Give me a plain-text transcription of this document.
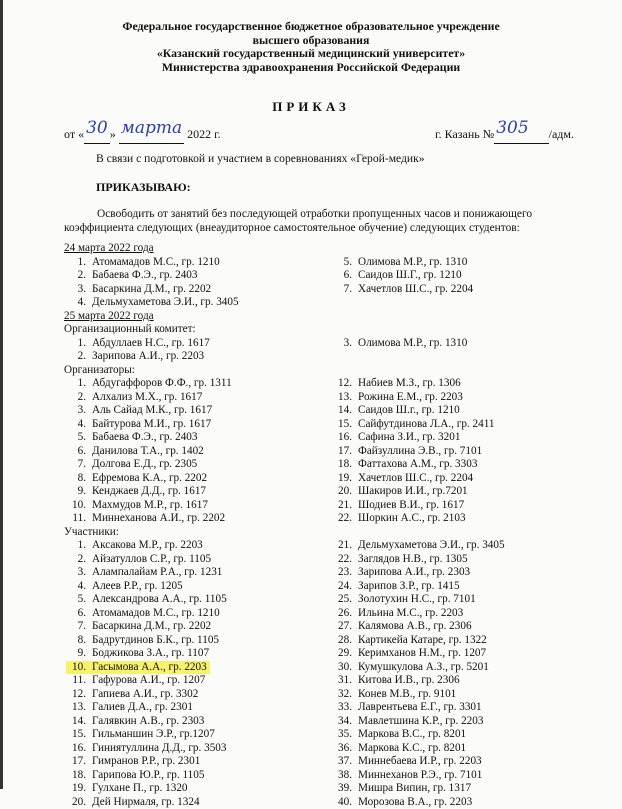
Федеральное государственное бюджетное образовательное учреждение
высшего образования
«Казанский государственный медицинский университет»
Министерства здравоохранения Российской Федерации
ПРИКАЗ
от « 30 » марта 2022 г.	г. Казань № 305 /адм.
В связи с подготовкой и участием в соревнованиях «Герой-медик»
ПРИКАЗЫВАЮ:
Освободить от занятий без последующей отработки пропущенных часов и понижающего коэффициента следующих (внеаудиторное самостоятельное обучение) следующих студентов:
24 марта 2022 года
1. Атомамадов М.С., гр. 1210
2. Бабаева Ф.Э., гр. 2403
3. Басаркина Д.М., гр. 2202
4. Дельмухаметова Э.И., гр. 3405
5. Олимова М.Р., гр. 1310
6. Саидов Ш.Г., гр. 1210
7. Хачетлов Ш.С., гр. 2204
25 марта 2022 года
Организационный комитет:
1. Абдуллаев Н.С., гр. 1617
2. Зарипова А.И., гр. 2203
3. Олимова М.Р., гр. 1310
Организаторы:
1. Абдугаффоров Ф.Ф., гр. 1311
2. Алхализ М.Х., гр. 1617
3. Аль Сайад М.К., гр. 1617
4. Байтурова М.И., гр. 1617
5. Бабаева Ф.Э., гр. 2403
6. Данилова Т.А., гр. 1402
7. Долгова Е.Д., гр. 2305
8. Ефремова К.А., гр. 2202
9. Кенджаев Д.Д., гр. 1617
10. Махмудов М.Р., гр. 1617
11. Миннеханова А.И., гр. 2202
12. Набиев М.З., гр. 1306
13. Рожина Е.М., гр. 2203
14. Саидов Ш.г., гр. 1210
15. Сайфутдинова Л.А., гр. 2411
16. Сафина З.И., гр. 3201
17. Файзуллина Э.В., гр. 7101
18. Фаттахова А.М., гр. 3303
19. Хачетлов Ш.С., гр. 2204
20. Шакиров И.И., гр.7201
21. Шодиев В.И., гр. 1617
22. Шоркин А.С., гр. 2103
Участники:
1. Аксакова М.Р., гр. 2203
2. Айзатуллов С.Р., гр. 1105
3. Алампалайам Р.А., гр. 1231
4. Алеев Р.Р., гр. 1205
5. Александрова А.А., гр. 1105
6. Атомамадов М.С., гр. 1210
7. Басаркина Д.М., гр. 2202
8. Бадрутдинов Б.К., гр. 1105
9. Боджикова З.А., гр. 1107
10. Гасымова А.А., гр. 2203
11. Гафурова А.И., гр. 1207
12. Гапиева А.И., гр. 3302
13. Галиев Д.А., гр. 2301
14. Галявкин А.В., гр. 2303
15. Гильманшин Э.Р., гр.1207
16. Гиниятуллина Д.Д., гр. 3503
17. Гимранов Р.Р., гр. 2301
18. Гарипова Ю.Р., гр. 1105
19. Гулхане П., гр. 1320
20. Дей Нирмаля, гр. 1324
21. Дельмухаметова Э.И., гр. 3405
22. Заглядов Н.В., гр. 1305
23. Зарипова А.И., гр. 2303
24. Зарипов З.Р., гр. 1415
25. Золотухин Н.С., гр. 7101
26. Ильина М.С., гр. 2203
27. Калямова А.В., гр. 2306
28. Картикейа Катаре, гр. 1322
29. Керимханов Н.М., гр. 1207
30. Кумушкулова А.З., гр. 5201
31. Китова И.В., гр. 2306
32. Конев М.В., гр. 9101
33. Лаврентьева Е.Г., гр. 3301
34. Мавлетшина К.Р., гр. 2203
35. Маркова В.С., гр. 8201
36. Маркова К.С., гр. 8201
37. Миннебаева И.Р., гр. 2203
38. Миннеханов Р.Э., гр. 7101
39. Мишра Випин, гр. 1317
40. Морозова В.А., гр. 2203
